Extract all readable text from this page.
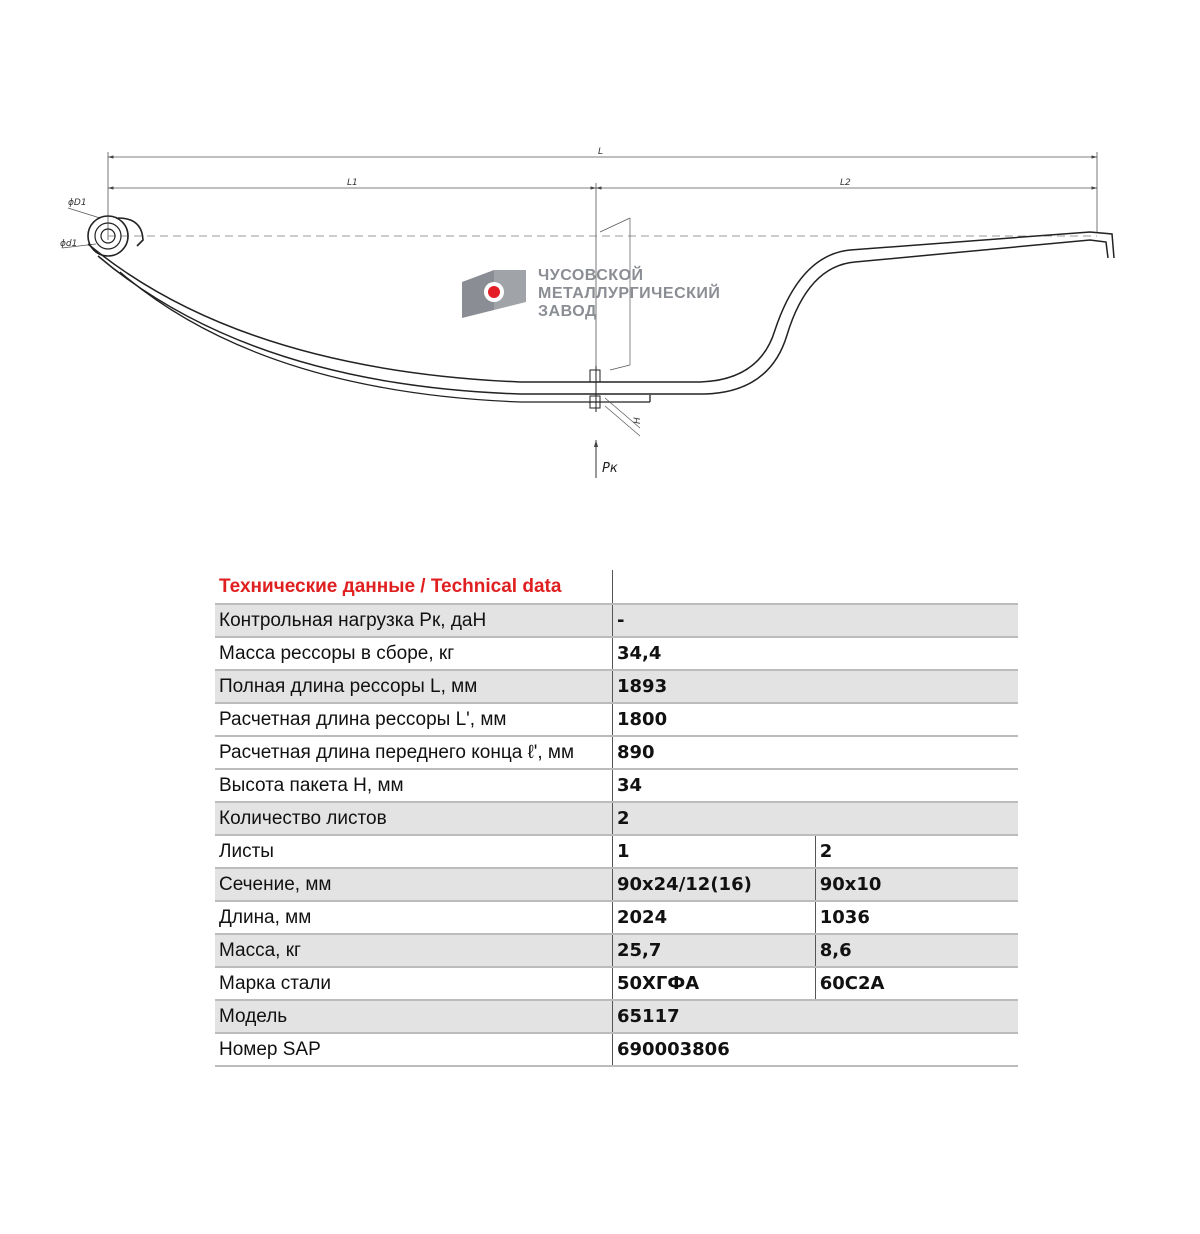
L
L1	L2
ϕD1
ϕd1
H
Pк
ЧУСОВСКОЙ
МЕТАЛЛУРГИЧЕСКИЙ
ЗАВОД
Технические данные / Technical data		
Контрольная нагрузка Рк, даН	-	
Масса рессоры в сборе, кг	34,4	
Полная длина рессоры L, мм	1893	
Расчетная длина рессоры L', мм	1800	
Расчетная длина переднего конца ℓ', мм	890	
Высота пакета H, мм	34	
Количество листов	2	
Листы	1	2
Сечение, мм	90х24/12(16)	90х10
Длина, мм	2024	1036
Масса, кг	25,7	8,6
Марка стали	50ХГФА	60С2А
Модель	65117	
Номер SAP	690003806	
